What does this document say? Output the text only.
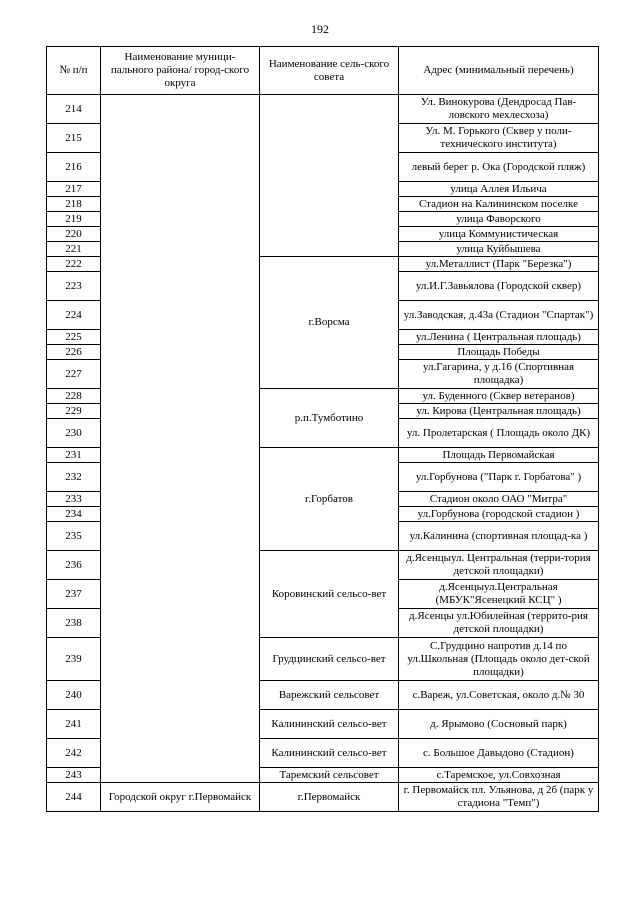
192
№ п/п	Наименование муници-пального района/ город-ского округа	Наименование сель-ского совета	Адрес (минимальный перечень)
214			Ул. Винокурова (Дендросад Пав-ловского мехлесхоза)
215			Ул. М. Горького (Сквер у поли-технического института)
216			левый берег р. Ока (Городской пляж)
217			улица Аллея Ильича
218			Стадион на Калининском поселке
219			улица Фаворского
220			улица Коммунистическая
221			улица Куйбышева
222		г.Ворсма	ул.Металлист (Парк "Березка")
223			ул.И.Г.Завьялова (Городской сквер)
224			ул.Заводская, д.43а (Стадион "Спартак")
225			ул.Ленина ( Центральная площадь)
226			Площадь Победы
227			ул.Гагарина, у д.16 (Спортивная площадка)
228		р.п.Тумботино	ул. Буденного (Сквер ветеранов)
229			ул. Кирова (Центральная площадь)
230			ул. Пролетарская ( Площадь около ДК)
231		г.Горбатов	Площадь Первомайская
232			ул.Горбунова ("Парк г. Горбатова" )
233			Стадион около ОАО "Митра"
234			ул.Горбунова (городской стадион )
235			ул.Калинина (спортивная площад-ка )
236		Коровинский сельсо-вет	д.Ясенцыул. Центральная (терри-тория детской площадки)
237			д.Ясенцыул.Центральная (МБУК"Ясенецкий КСЦ" )
238			д.Ясенцы ул.Юбилейная (террито-рия детской площадки)
239		Грудцинский сельсо-вет	С.Грудцино напротив д.14 по ул.Школьная (Площадь около дет-ской площадки)
240		Варежский сельсовет	с.Вареж, ул.Советская, около д.№ 30
241		Калининский сельсо-вет	д. Ярымово (Сосновый парк)
242		Калининский сельсо-вет	с. Большое Давыдово (Стадион)
243		Таремский сельсовет	с.Таремское, ул.Совхозная
244	Городской округ г.Первомайск	г.Первомайск	г. Первомайск пл. Ульянова, д 2б (парк у стадиона "Темп")
